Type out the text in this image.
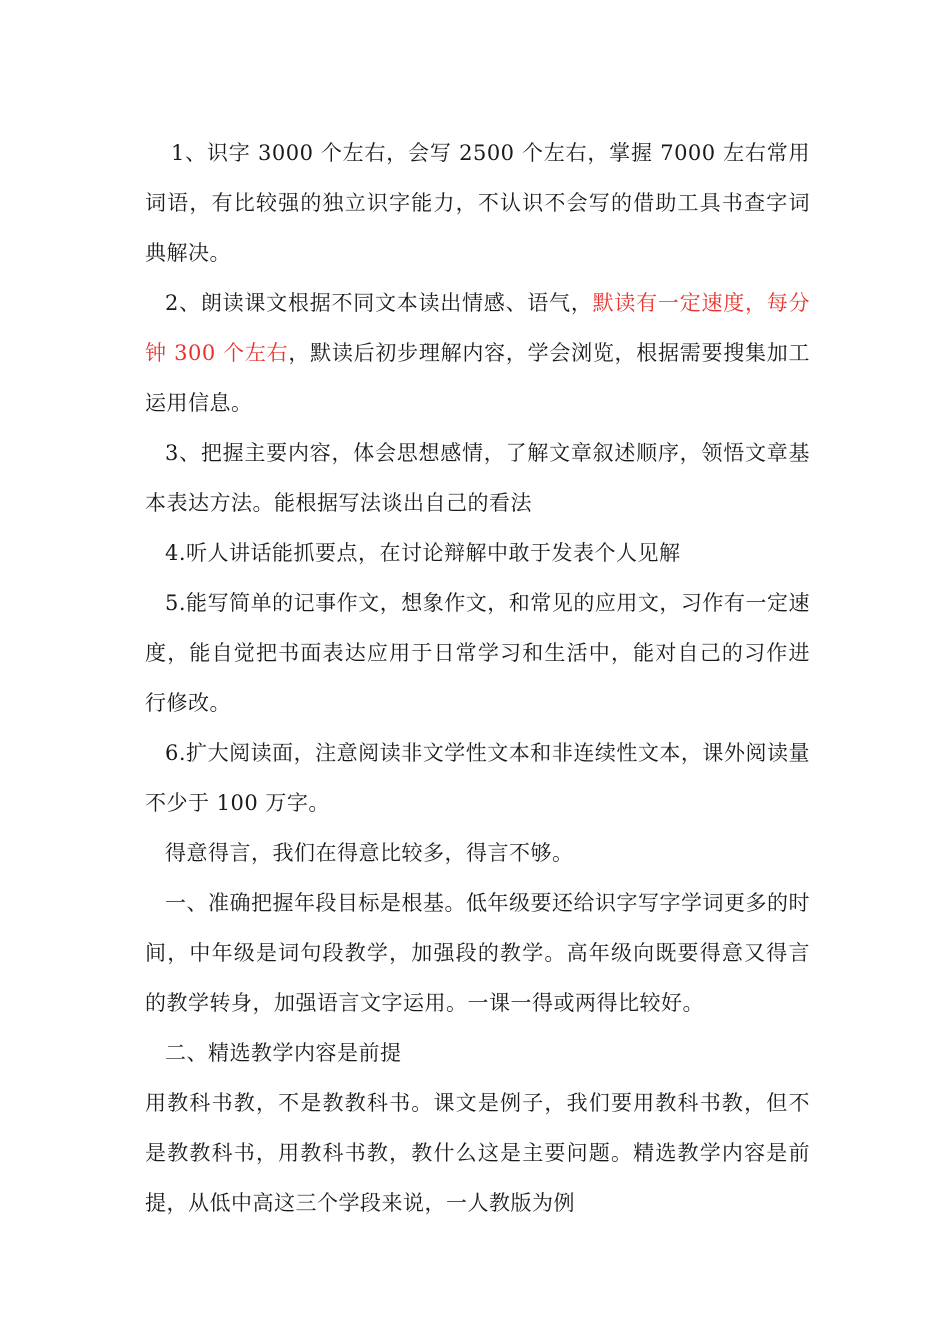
1、识字 3000 个左右，会写 2500 个左右，掌握 7000 左右常用词语，有比较强的独立识字能力，不认识不会写的借助工具书查字词典解决。

2、朗读课文根据不同文本读出情感、语气，默读有一定速度，每分钟 300 个左右，默读后初步理解内容，学会浏览，根据需要搜集加工运用信息。

3、把握主要内容，体会思想感情，了解文章叙述顺序，领悟文章基本表达方法。能根据写法谈出自己的看法

4.听人讲话能抓要点，在讨论辩解中敢于发表个人见解

5.能写简单的记事作文，想象作文，和常见的应用文，习作有一定速度，能自觉把书面表达应用于日常学习和生活中，能对自己的习作进行修改。

6.扩大阅读面，注意阅读非文学性文本和非连续性文本，课外阅读量不少于 100 万字。

得意得言，我们在得意比较多，得言不够。

一、准确把握年段目标是根基。低年级要还给识字写字学词更多的时间，中年级是词句段教学，加强段的教学。高年级向既要得意又得言的教学转身，加强语言文字运用。一课一得或两得比较好。

二、精选教学内容是前提

用教科书教，不是教教科书。课文是例子，我们要用教科书教，但不是教教科书，用教科书教，教什么这是主要问题。精选教学内容是前提，从低中高这三个学段来说，一人教版为例
